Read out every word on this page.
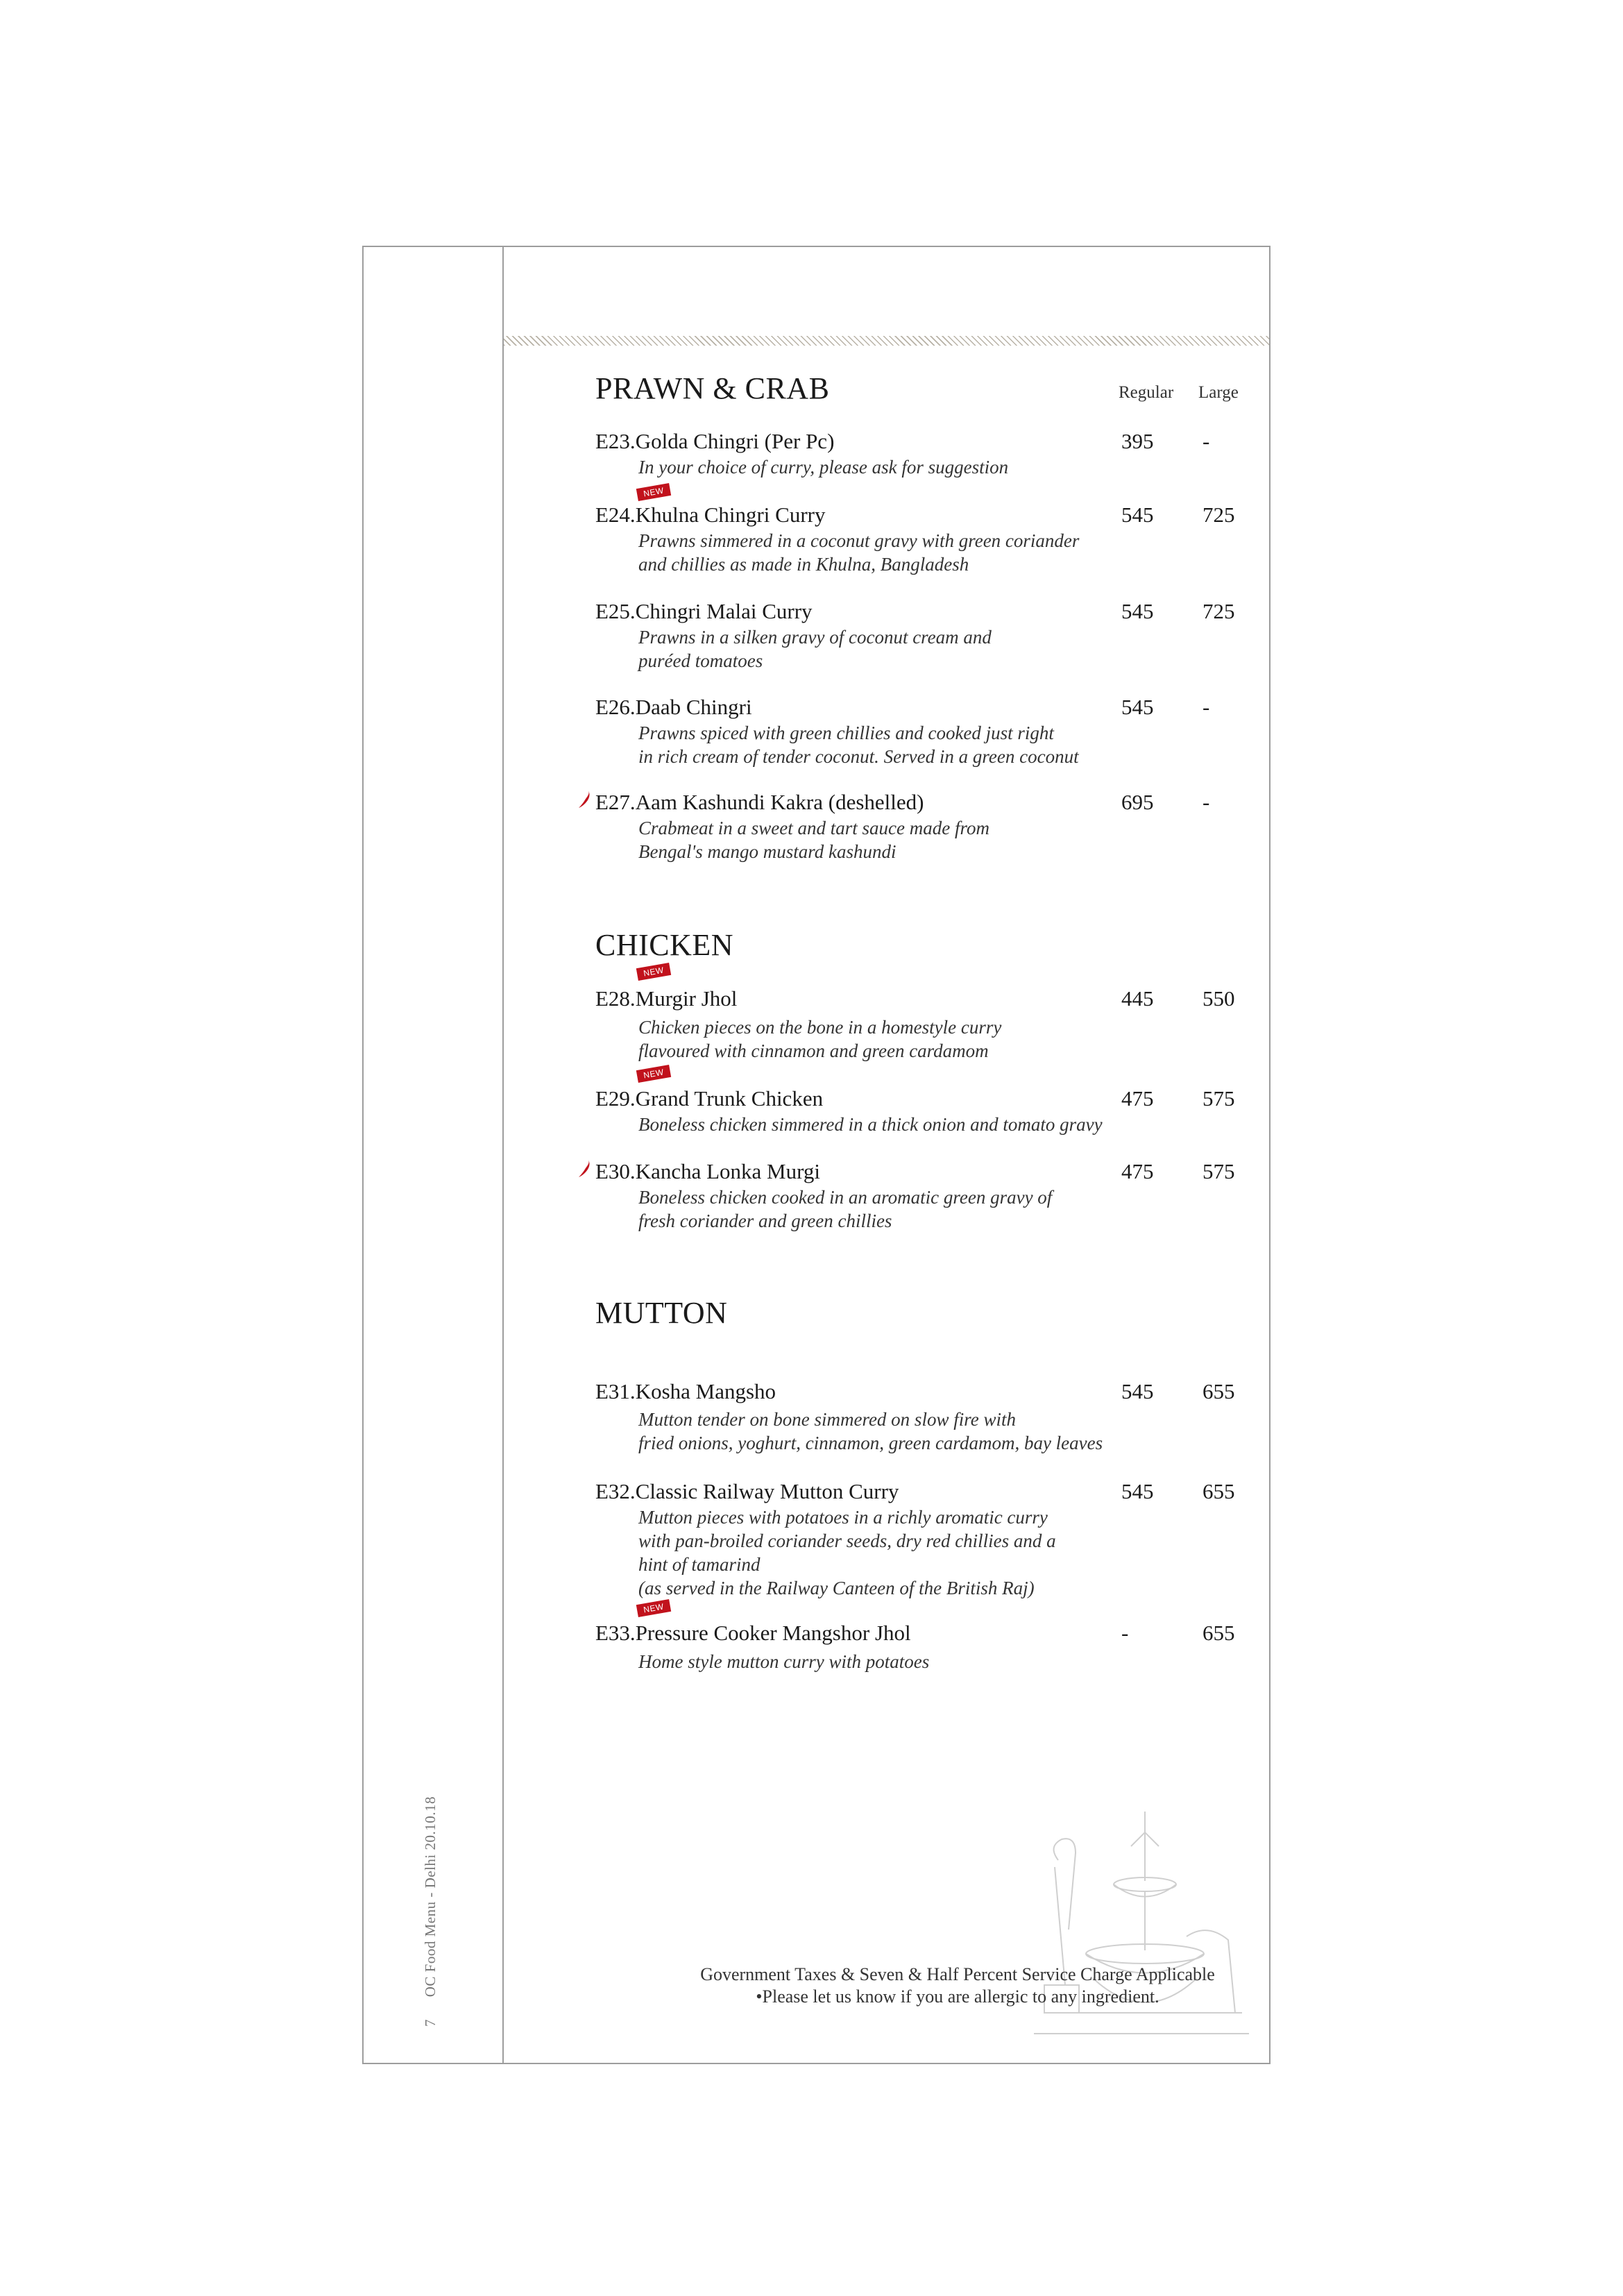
7 OC Food Menu - Delhi 20.10.18
Regular Large
PRAWN & CRAB
E23.Golda Chingri (Per Pc)	395 -
In your choice of curry, please ask for suggestion
NEW
E24.Khulna Chingri Curry	545 725
Prawns simmered in a coconut gravy with green coriander
and chillies as made in Khulna, Bangladesh
E25.Chingri Malai Curry	545 725
Prawns in a silken gravy of coconut cream and
puréed tomatoes
E26.Daab Chingri	545 -
Prawns spiced with green chillies and cooked just right
in rich cream of tender coconut. Served in a green coconut
E27.Aam Kashundi Kakra (deshelled)	695 -
Crabmeat in a sweet and tart sauce made from
Bengal's mango mustard kashundi
CHICKEN
NEW
E28.Murgir Jhol	445 550
Chicken pieces on the bone in a homestyle curry
flavoured with cinnamon and green cardamom
NEW
E29.Grand Trunk Chicken	475 575
Boneless chicken simmered in a thick onion and tomato gravy
E30.Kancha Lonka Murgi	475 575
Boneless chicken cooked in an aromatic green gravy of
fresh coriander and green chillies
MUTTON
E31.Kosha Mangsho	545 655
Mutton tender on bone simmered on slow fire with
fried onions, yoghurt, cinnamon, green cardamom, bay leaves
E32.Classic Railway Mutton Curry	545 655
Mutton pieces with potatoes in a richly aromatic curry
with pan-broiled coriander seeds, dry red chillies and a
hint of tamarind
(as served in the Railway Canteen of the British Raj)
NEW
E33.Pressure Cooker Mangshor Jhol	-	655
Home style mutton curry with potatoes
Government Taxes & Seven & Half Percent Service Charge Applicable
•Please let us know if you are allergic to any ingredient.
